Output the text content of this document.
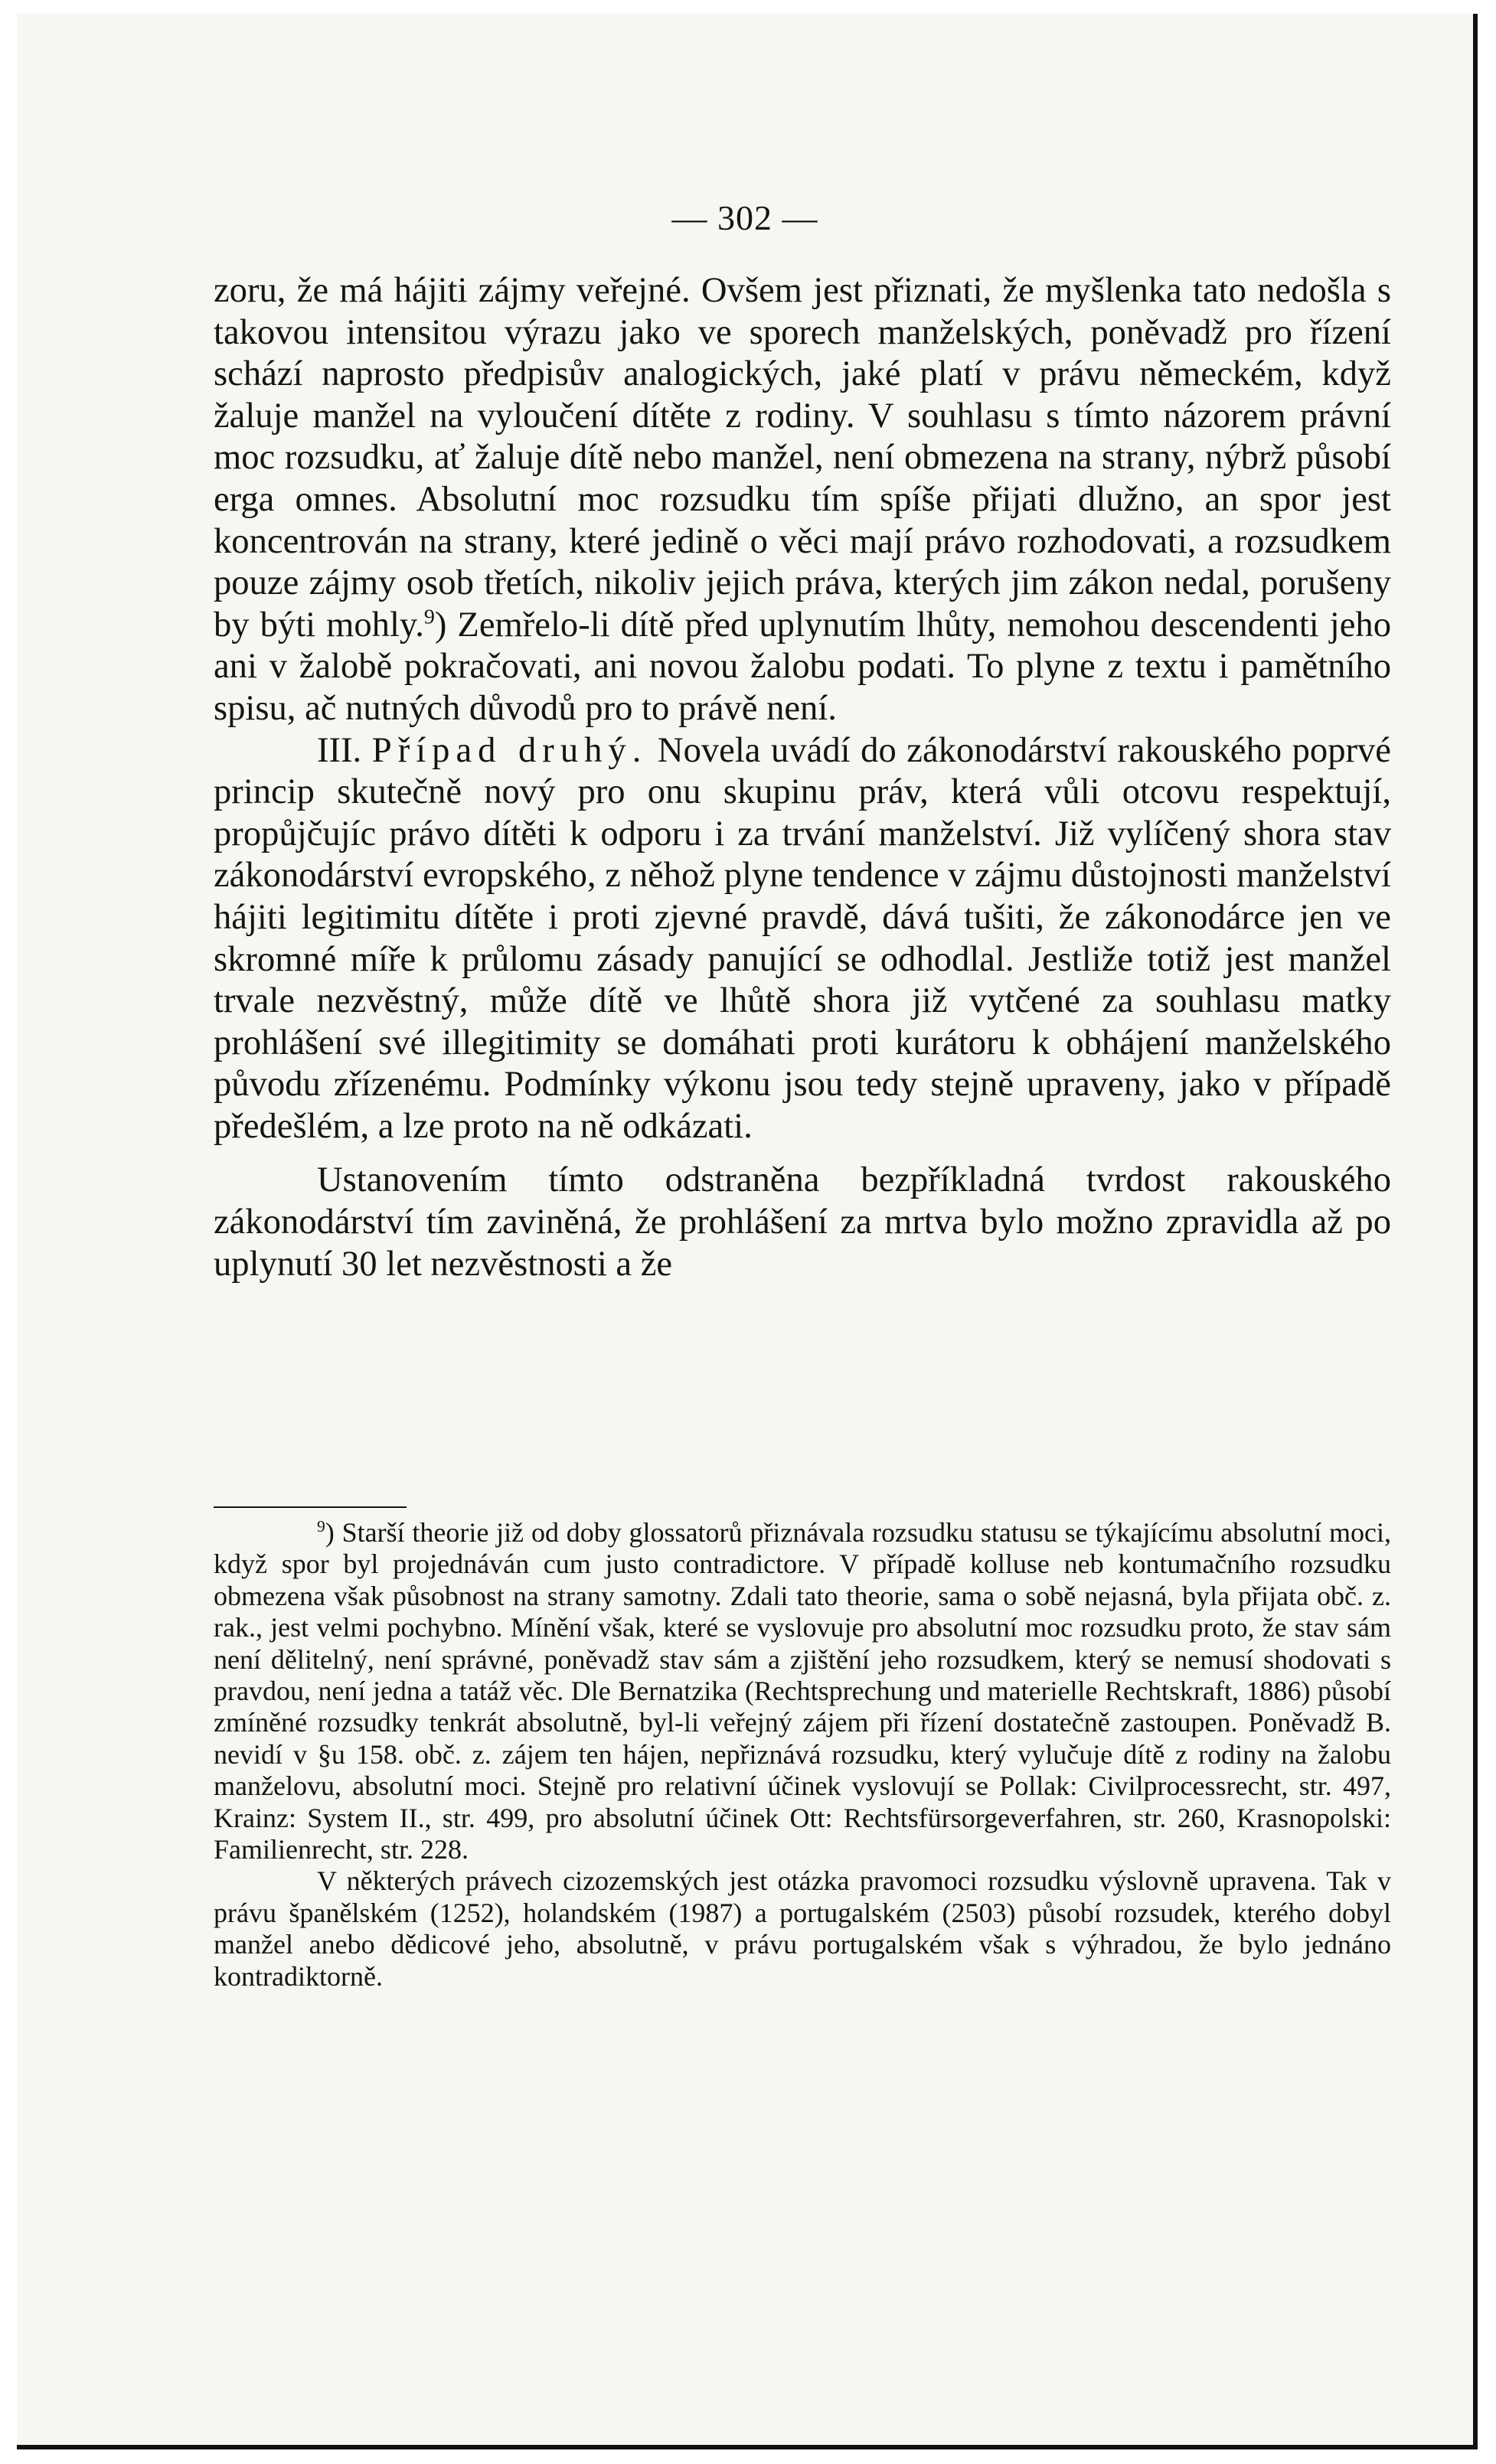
— 302 —

zoru, že má hájiti zájmy veřejné. Ovšem jest přiznati, že myšlenka tato nedošla s takovou intensitou výrazu jako ve sporech manželských, poněvadž pro řízení schází naprosto předpisův analogických, jaké platí v právu německém, když žaluje manžel na vyloučení dítěte z rodiny. V souhlasu s tímto názorem právní moc rozsudku, ať žaluje dítě nebo manžel, není obmezena na strany, nýbrž působí erga omnes. Absolutní moc rozsudku tím spíše přijati dlužno, an spor jest koncentrován na strany, které jedině o věci mají právo rozhodovati, a rozsudkem pouze zájmy osob třetích, nikoliv jejich práva, kterých jim zákon nedal, porušeny by býti mohly.$^9$) Zemřelo-li dítě před uplynutím lhůty, nemohou descendenti jeho ani v žalobě pokračovati, ani novou žalobu podati. To plyne z textu i pamětního spisu, ač nutných důvodů pro to právě není.

III. Případ druhý. Novela uvádí do zákonodárství rakouského poprvé princip skutečně nový pro onu skupinu práv, která vůli otcovu respektují, propůjčujíc právo dítěti k odporu i za trvání manželství. Již vylíčený shora stav zákonodárství evropského, z něhož plyne tendence v zájmu důstojnosti manželství hájiti legitimitu dítěte i proti zjevné pravdě, dává tušiti, že zákonodárce jen ve skromné míře k průlomu zásady panující se odhodlal. Jestliže totiž jest manžel trvale nezvěstný, může dítě ve lhůtě shora již vytčené za souhlasu matky prohlášení své illegitimity se domáhati proti kurátoru k obhájení manželského původu zřízenému. Podmínky výkonu jsou tedy stejně upraveny, jako v případě předešlém, a lze proto na ně odkázati.

Ustanovením tímto odstraněna bezpříkladná tvrdost rakouského zákonodárství tím zaviněná, že prohlášení za mrtva bylo možno zpravidla až po uplynutí 30 let nezvěstnosti a že

$^9$) Starší theorie již od doby glossatorů přiznávala rozsudku statusu se týkajícímu absolutní moci, když spor byl projednáván cum justo contradictore. V případě kolluse neb kontumačního rozsudku obmezena však působnost na strany samotny. Zdali tato theorie, sama o sobě nejasná, byla přijata obč. z. rak., jest velmi pochybno. Mínění však, které se vyslovuje pro absolutní moc rozsudku proto, že stav sám není dělitelný, není správné, poněvadž stav sám a zjištění jeho rozsudkem, který se nemusí shodovati s pravdou, není jedna a tatáž věc. Dle Bernatzika (Rechtsprechung und materielle Rechtskraft, 1886) působí zmíněné rozsudky tenkrát absolutně, byl-li veřejný zájem při řízení dostatečně zastoupen. Poněvadž B. nevidí v §u 158. obč. z. zájem ten hájen, nepřiznává rozsudku, který vylučuje dítě z rodiny na žalobu manželovu, absolutní moci. Stejně pro relativní účinek vyslovují se Pollak: Civilprocessrecht, str. 497, Krainz: System II., str. 499, pro absolutní účinek Ott: Rechtsfürsorgeverfahren, str. 260, Krasnopolski: Familienrecht, str. 228.

V některých právech cizozemských jest otázka pravomoci rozsudku výslovně upravena. Tak v právu španělském (1252), holandském (1987) a portugalském (2503) působí rozsudek, kterého dobyl manžel anebo dědicové jeho, absolutně, v právu portugalském však s výhradou, že bylo jednáno kontradiktorně.
